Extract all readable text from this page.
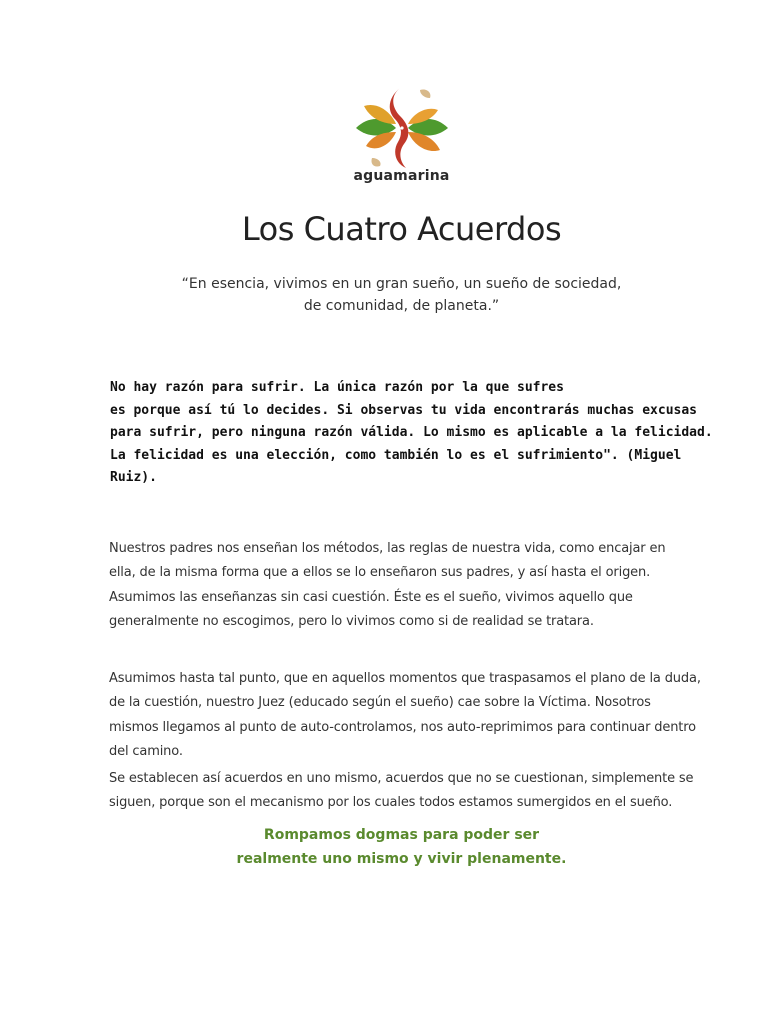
aguamarina
Los Cuatro Acuerdos
“En esencia, vivimos en un gran sueño, un sueño de sociedad,
de comunidad, de planeta.”
No hay razón para sufrir. La única razón por la que sufres
es porque así tú lo decides. Si observas tu vida encontrarás muchas excusas
para sufrir, pero ninguna razón válida. Lo mismo es aplicable a la felicidad.
La felicidad es una elección, como también lo es el sufrimiento". (Miguel
Ruiz).
Nuestros padres nos enseñan los métodos, las reglas de nuestra vida, como encajar en
ella, de la misma forma que a ellos se lo enseñaron sus padres, y así hasta el origen.
Asumimos las enseñanzas sin casi cuestión. Éste es el sueño, vivimos aquello que
generalmente no escogimos, pero lo vivimos como si de realidad se tratara.
Asumimos hasta tal punto, que en aquellos momentos que traspasamos el plano de la duda,
de la cuestión, nuestro Juez (educado según el sueño) cae sobre la Víctima. Nosotros
mismos llegamos al punto de auto-controlamos, nos auto-reprimimos para continuar dentro
del camino.
Se establecen así acuerdos en uno mismo, acuerdos que no se cuestionan, simplemente se
siguen, porque son el mecanismo por los cuales todos estamos sumergidos en el sueño.
Rompamos dogmas para poder ser
realmente uno mismo y vivir plenamente.
